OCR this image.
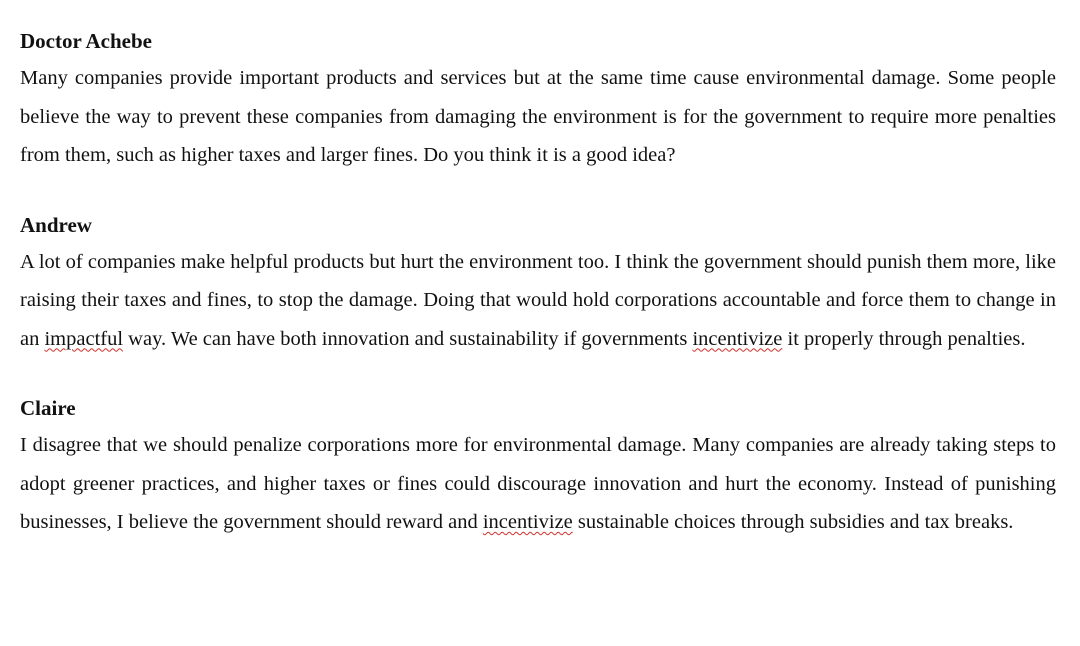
Doctor Achebe

Many companies provide important products and services but at the same time cause environmental damage. Some people believe the way to prevent these companies from damaging the environment is for the government to require more penalties from them, such as higher taxes and larger fines. Do you think it is a good idea?

Andrew

A lot of companies make helpful products but hurt the environment too. I think the government should punish them more, like raising their taxes and fines, to stop the damage. Doing that would hold corporations accountable and force them to change in an impactful way. We can have both innovation and sustainability if governments incentivize it properly through penalties.

Claire

I disagree that we should penalize corporations more for environmental damage. Many companies are already taking steps to adopt greener practices, and higher taxes or fines could discourage innovation and hurt the economy. Instead of punishing businesses, I believe the government should reward and incentivize sustainable choices through subsidies and tax breaks.
